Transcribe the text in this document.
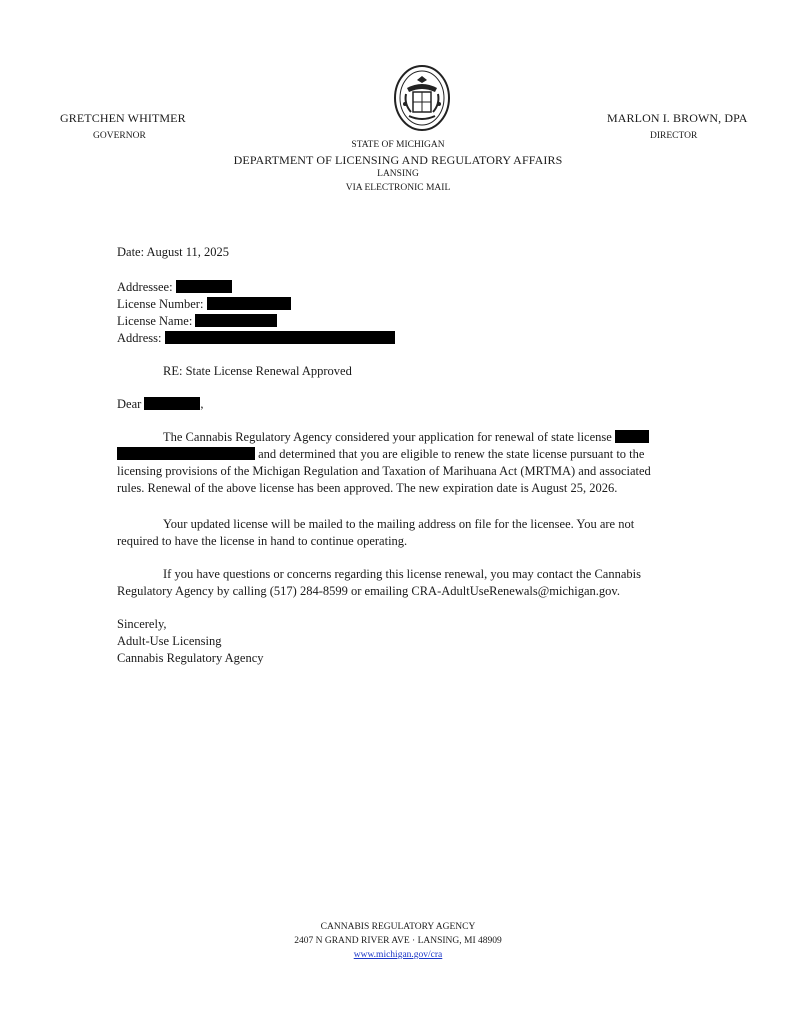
GRETCHEN WHITMER
GOVERNOR
MARLON I. BROWN, DPA
DIRECTOR
STATE OF MICHIGAN
DEPARTMENT OF LICENSING AND REGULATORY AFFAIRS
LANSING
VIA ELECTRONIC MAIL
Date: August 11, 2025
Addressee:
License Number:
License Name:
Address:
RE: State License Renewal Approved
Dear	,
The Cannabis Regulatory Agency considered your application for renewal of state license
and determined that you are eligible to renew the state license pursuant to the
licensing provisions of the Michigan Regulation and Taxation of Marihuana Act (MRTMA) and associated rules. Renewal of the above license has been approved. The new expiration date is August 25, 2026.
Your updated license will be mailed to the mailing address on file for the licensee. You are not required to have the license in hand to continue operating.
If you have questions or concerns regarding this license renewal, you may contact the Cannabis Regulatory Agency by calling (517) 284-8599 or emailing CRA-AdultUseRenewals@michigan.gov.
Sincerely,
Adult-Use Licensing
Cannabis Regulatory Agency
CANNABIS REGULATORY AGENCY
2407 N GRAND RIVER AVE · LANSING, MI 48909
www.michigan.gov/cra
